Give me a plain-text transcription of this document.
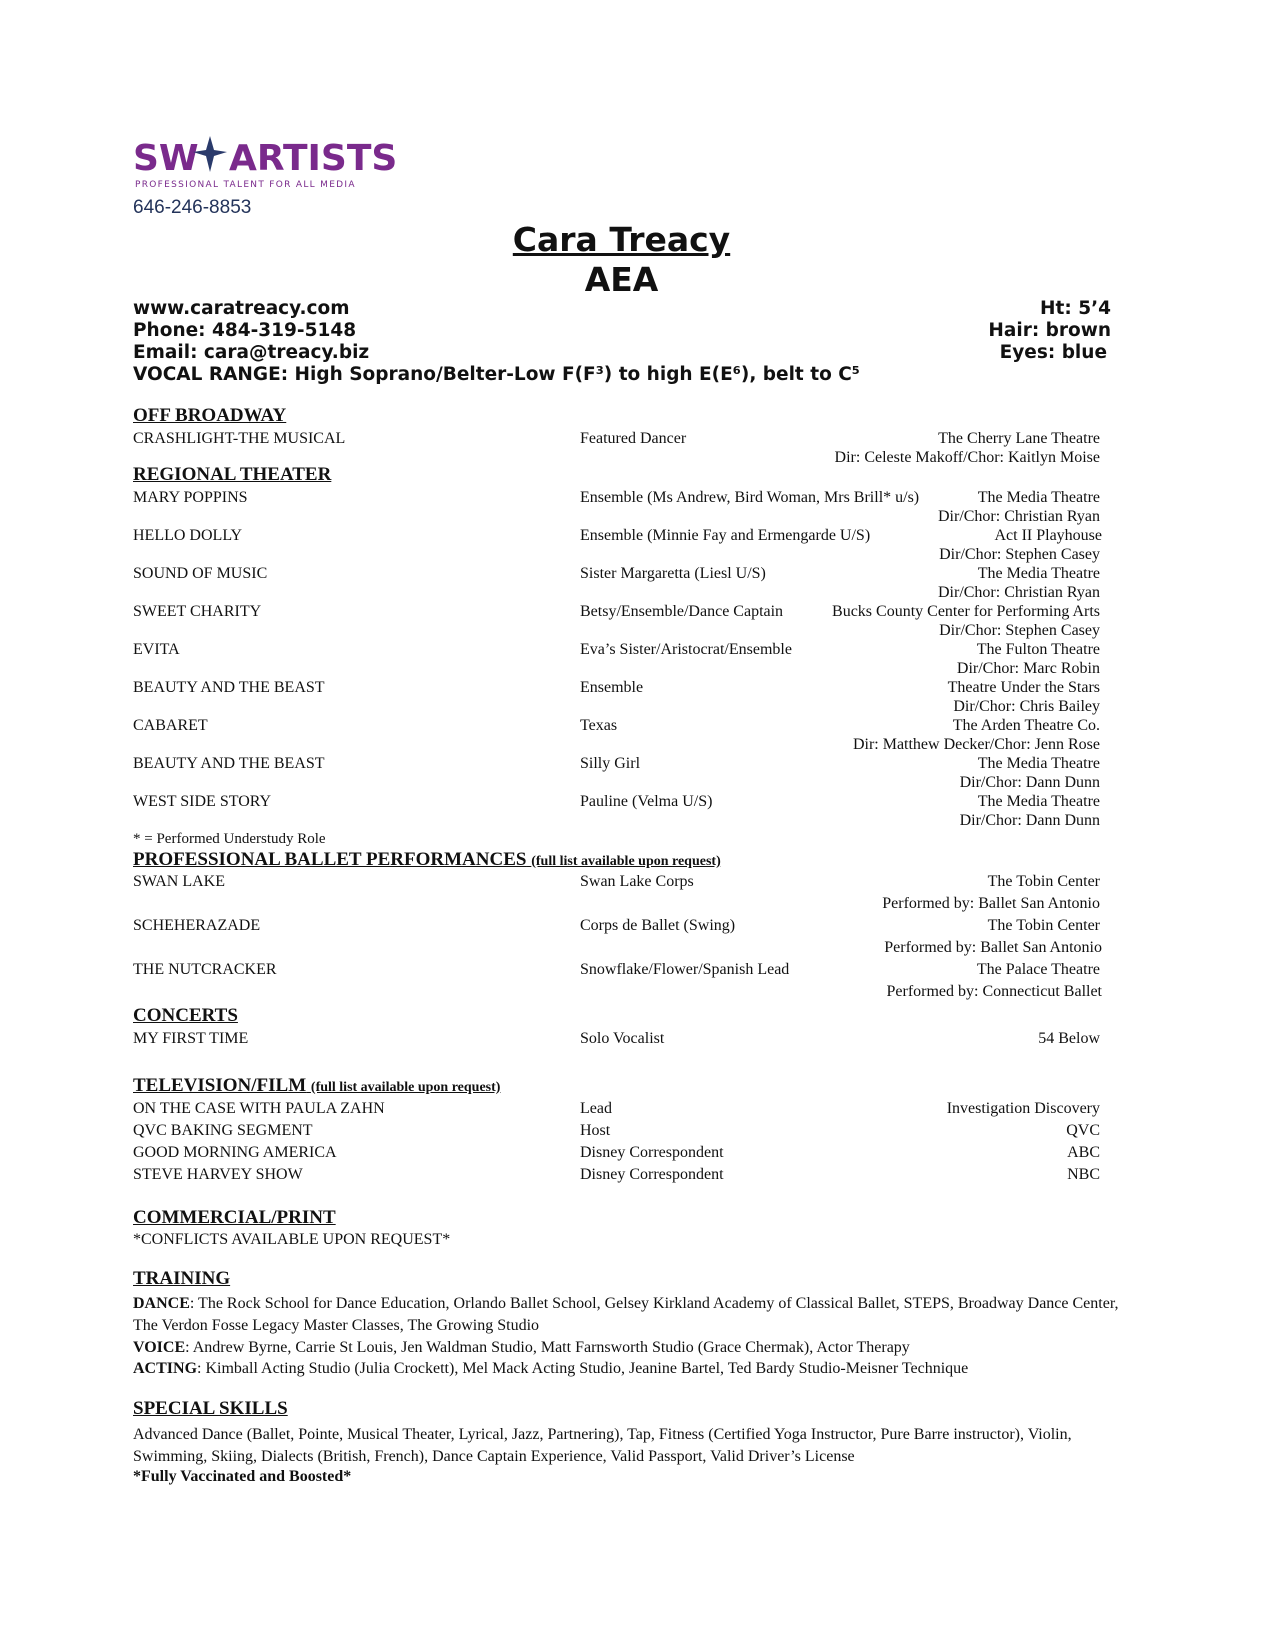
SW ARTISTS
PROFESSIONAL TALENT FOR ALL MEDIA
646-246-8853
Cara Treacy
AEA
www.caratreacy.com
Phone: 484-319-5148
Email: cara@treacy.biz
VOCAL RANGE: High Soprano/Belter-Low F(F³) to high E(E⁶), belt to C⁵
Ht: 5’4
Hair: brown
Eyes: blue
OFF BROADWAY
CRASHLIGHT-THE MUSICAL	Featured Dancer	The Cherry Lane Theatre
Dir: Celeste Makoff/Chor: Kaitlyn Moise
REGIONAL THEATER
MARY POPPINS	Ensemble (Ms Andrew, Bird Woman, Mrs Brill* u/s)	The Media Theatre
Dir/Chor: Christian Ryan
HELLO DOLLY	Ensemble (Minnie Fay and Ermengarde U/S)	Act II Playhouse
Dir/Chor: Stephen Casey
SOUND OF MUSIC	Sister Margaretta (Liesl U/S)	The Media Theatre
Dir/Chor: Christian Ryan
SWEET CHARITY	Betsy/Ensemble/Dance Captain	Bucks County Center for Performing Arts
Dir/Chor: Stephen Casey
EVITA	Eva’s Sister/Aristocrat/Ensemble	The Fulton Theatre
Dir/Chor: Marc Robin
BEAUTY AND THE BEAST	Ensemble	Theatre Under the Stars
Dir/Chor: Chris Bailey
CABARET	Texas	The Arden Theatre Co.
Dir: Matthew Decker/Chor: Jenn Rose
BEAUTY AND THE BEAST	Silly Girl	The Media Theatre
Dir/Chor: Dann Dunn
WEST SIDE STORY	Pauline (Velma U/S)	The Media Theatre
Dir/Chor: Dann Dunn
* = Performed Understudy Role
PROFESSIONAL BALLET PERFORMANCES (full list available upon request)
SWAN LAKE	Swan Lake Corps	The Tobin Center
Performed by: Ballet San Antonio
SCHEHERAZADE	Corps de Ballet (Swing)	The Tobin Center
Performed by: Ballet San Antonio
THE NUTCRACKER	Snowflake/Flower/Spanish Lead	The Palace Theatre
Performed by: Connecticut Ballet
CONCERTS
MY FIRST TIME	Solo Vocalist	54 Below
TELEVISION/FILM (full list available upon request)
ON THE CASE WITH PAULA ZAHN	Lead	Investigation Discovery
QVC BAKING SEGMENT	Host	QVC
GOOD MORNING AMERICA	Disney Correspondent	ABC
STEVE HARVEY SHOW	Disney Correspondent	NBC
COMMERCIAL/PRINT
*CONFLICTS AVAILABLE UPON REQUEST*
TRAINING
DANCE: The Rock School for Dance Education, Orlando Ballet School, Gelsey Kirkland Academy of Classical Ballet, STEPS, Broadway Dance Center, The Verdon Fosse Legacy Master Classes, The Growing Studio
VOICE: Andrew Byrne, Carrie St Louis, Jen Waldman Studio, Matt Farnsworth Studio (Grace Chermak), Actor Therapy
ACTING: Kimball Acting Studio (Julia Crockett), Mel Mack Acting Studio, Jeanine Bartel, Ted Bardy Studio-Meisner Technique
SPECIAL SKILLS
Advanced Dance (Ballet, Pointe, Musical Theater, Lyrical, Jazz, Partnering), Tap, Fitness (Certified Yoga Instructor, Pure Barre instructor), Violin, Swimming, Skiing, Dialects (British, French), Dance Captain Experience, Valid Passport, Valid Driver’s License
*Fully Vaccinated and Boosted*
